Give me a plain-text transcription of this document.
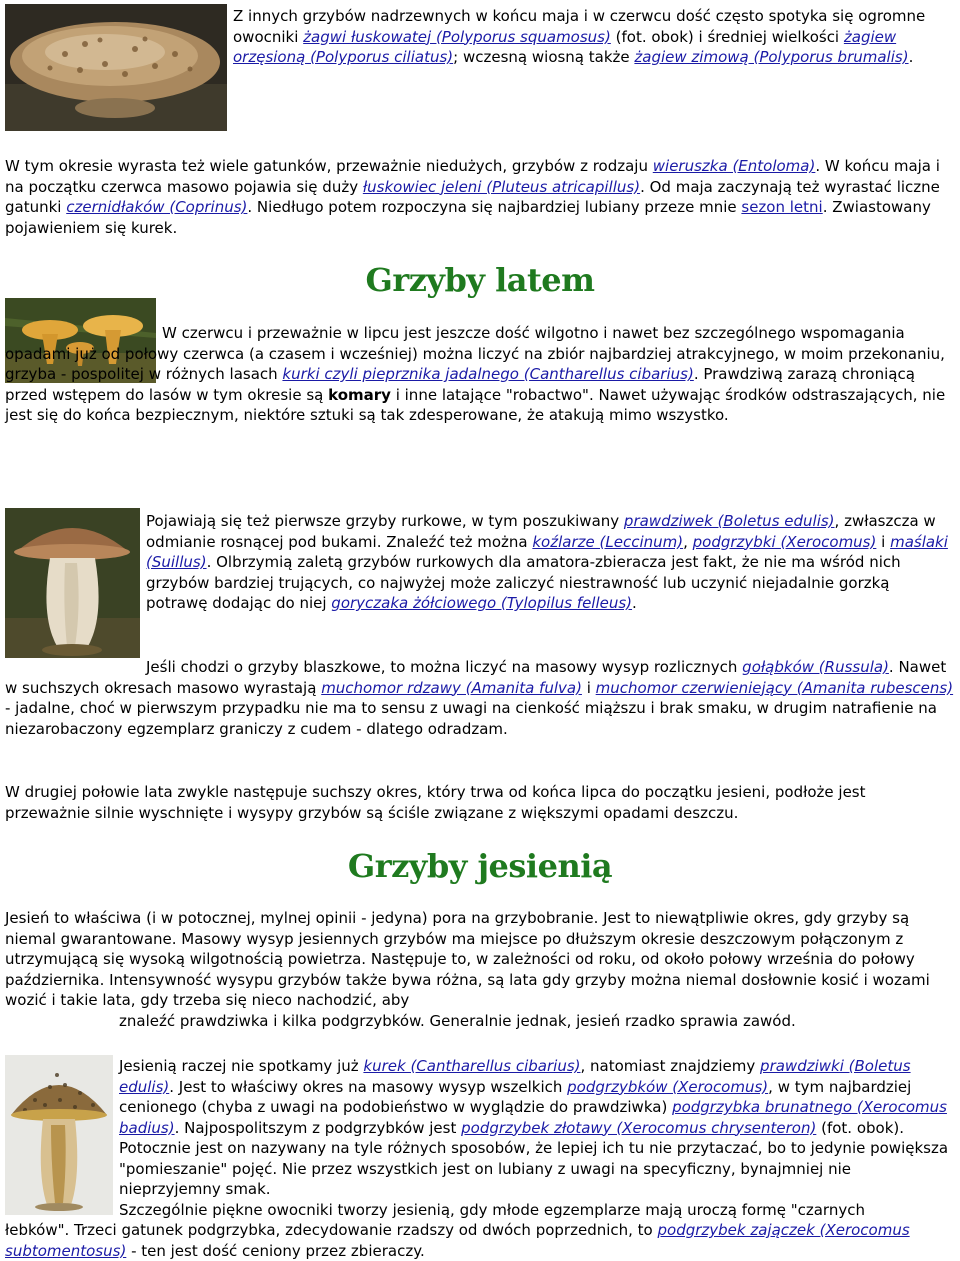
Z innych grzybów nadrzewnych w końcu maja i w czerwcu dość często spotyka się ogromne owocniki żagwi łuskowatej (Polyporus squamosus) (fot. obok) i średniej wielkości żagiew orzęsioną (Polyporus ciliatus); wczesną wiosną także żagiew zimową (Polyporus brumalis).

W tym okresie wyrasta też wiele gatunków, przeważnie niedużych, grzybów z rodzaju wieruszka (Entoloma). W końcu maja i na początku czerwca masowo pojawia się duży łuskowiec jeleni (Pluteus atricapillus). Od maja zaczynają też wyrastać liczne gatunki czernidłaków (Coprinus). Niedługo potem rozpoczyna się najbardziej lubiany przeze mnie sezon letni. Zwiastowany pojawieniem się kurek.

Grzyby latem

W czerwcu i przeważnie w lipcu jest jeszcze dość wilgotno i nawet bez szczególnego wspomagania opadami już od połowy czerwca (a czasem i wcześniej) można liczyć na zbiór najbardziej atrakcyjnego, w moim przekonaniu, grzyba - pospolitej w różnych lasach kurki czyli pieprznika jadalnego (Cantharellus cibarius). Prawdziwą zarazą chroniącą przed wstępem do lasów w tym okresie są komary i inne latające "robactwo". Nawet używając środków odstraszających, nie jest się do końca bezpiecznym, niektóre sztuki są tak zdesperowane, że atakują mimo wszystko.

Pojawiają się też pierwsze grzyby rurkowe, w tym poszukiwany prawdziwek (Boletus edulis), zwłaszcza w odmianie rosnącej pod bukami. Znaleźć też można koźlarze (Leccinum), podgrzybki (Xerocomus) i maślaki (Suillus). Olbrzymią zaletą grzybów rurkowych dla amatora-zbieracza jest fakt, że nie ma wśród nich grzybów bardziej trujących, co najwyżej może zaliczyć niestrawność lub uczynić niejadalnie gorzką potrawę dodając do niej goryczaka żółciowego (Tylopilus felleus).

Jeśli chodzi o grzyby blaszkowe, to można liczyć na masowy wysyp rozlicznych gołąbków (Russula). Nawet w suchszych okresach masowo wyrastają muchomor rdzawy (Amanita fulva) i muchomor czerwieniejący (Amanita rubescens) - jadalne, choć w pierwszym przypadku nie ma to sensu z uwagi na cienkość miąższu i brak smaku, w drugim natrafienie na niezarobaczony egzemplarz graniczy z cudem - dlatego odradzam.

W drugiej połowie lata zwykle następuje suchszy okres, który trwa od końca lipca do początku jesieni, podłoże jest przeważnie silnie wyschnięte i wysypy grzybów są ściśle związane z większymi opadami deszczu.

Grzyby jesienią

Jesień to właściwa (i w potocznej, mylnej opinii - jedyna) pora na grzybobranie. Jest to niewątpliwie okres, gdy grzyby są niemal gwarantowane. Masowy wysyp jesiennych grzybów ma miejsce po dłuższym okresie deszczowym połączonym z utrzymującą się wysoką wilgotnością powietrza. Następuje to, w zależności od roku, od około połowy września do połowy października. Intensywność wysypu grzybów także bywa różna, są lata gdy grzyby można niemal dosłownie kosić i wozami wozić i takie lata, gdy trzeba się nieco nachodzić, aby

znaleźć prawdziwka i kilka podgrzybków. Generalnie jednak, jesień rzadko sprawia zawód.

Jesienią raczej nie spotkamy już kurek (Cantharellus cibarius), natomiast znajdziemy prawdziwki (Boletus edulis). Jest to właściwy okres na masowy wysyp wszelkich podgrzybków (Xerocomus), w tym najbardziej cenionego (chyba z uwagi na podobieństwo w wyglądzie do prawdziwka) podgrzybka brunatnego (Xerocomus badius). Najpospolitszym z podgrzybków jest podgrzybek złotawy (Xerocomus chrysenteron) (fot. obok). Potocznie jest on nazywany na tyle różnych sposobów, że lepiej ich tu nie przytaczać, bo to jedynie powiększa "pomieszanie" pojęć. Nie przez wszystkich jest on lubiany z uwagi na specyficzny, bynajmniej nie nieprzyjemny smak.

Szczególnie piękne owocniki tworzy jesienią, gdy młode egzemplarze mają uroczą formę "czarnych

łebków". Trzeci gatunek podgrzybka, zdecydowanie rzadszy od dwóch poprzednich, to podgrzybek zajączek (Xerocomus subtomentosus) - ten jest dość ceniony przez zbieraczy.
